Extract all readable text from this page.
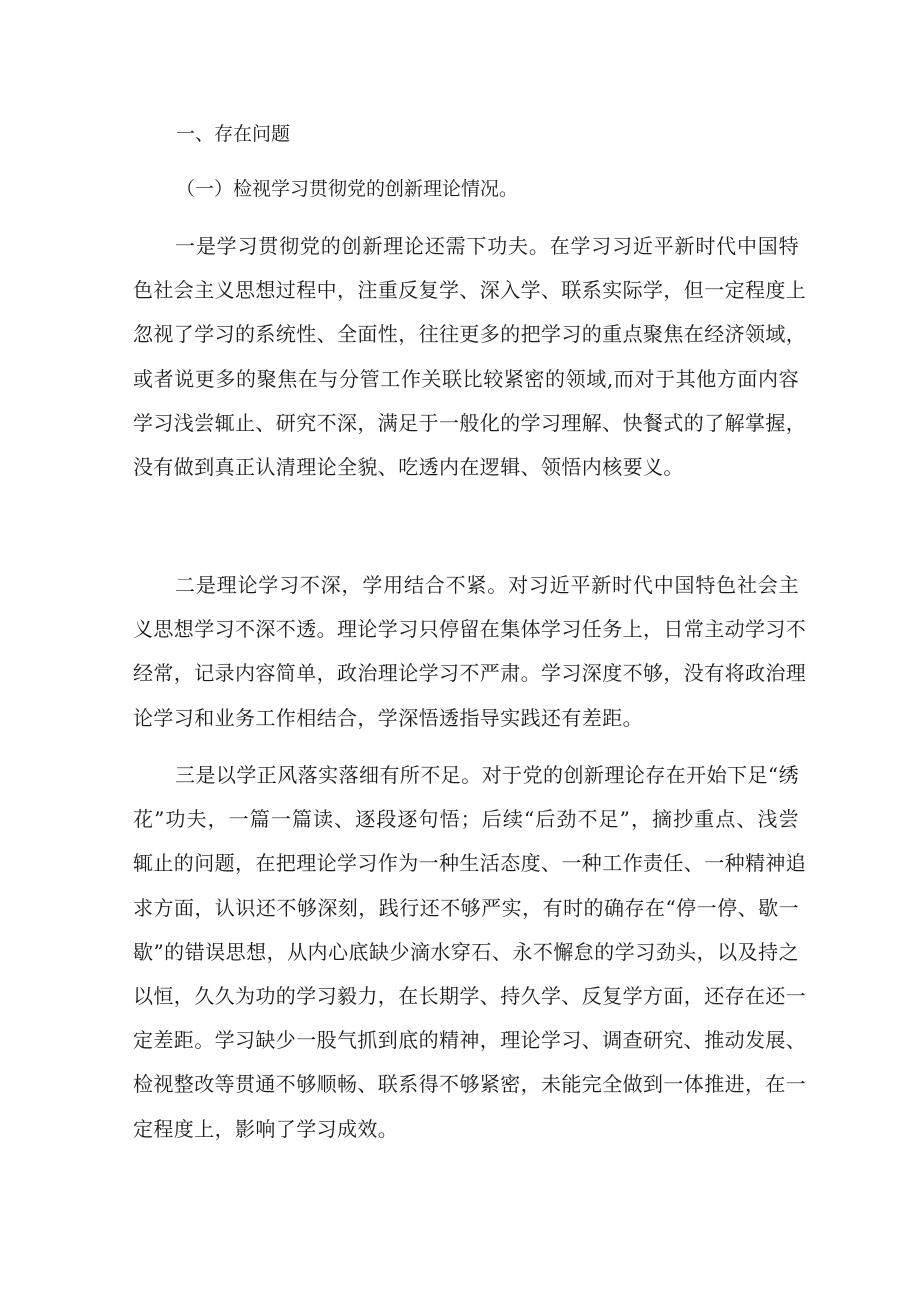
一、存在问题
（一）检视学习贯彻党的创新理论情况。
一是学习贯彻党的创新理论还需下功夫。在学习习近平新时代中国特
色社会主义思想过程中，注重反复学、深入学、联系实际学，但一定程度上
忽视了学习的系统性、全面性，往往更多的把学习的重点聚焦在经济领域，
或者说更多的聚焦在与分管工作关联比较紧密的领域,而对于其他方面内容
学习浅尝辄止、研究不深，满足于一般化的学习理解、快餐式的了解掌握，
没有做到真正认清理论全貌、吃透内在逻辑、领悟内核要义。
二是理论学习不深，学用结合不紧。对习近平新时代中国特色社会主
义思想学习不深不透。理论学习只停留在集体学习任务上，日常主动学习不
经常，记录内容简单，政治理论学习不严肃。学习深度不够，没有将政治理
论学习和业务工作相结合，学深悟透指导实践还有差距。
三是以学正风落实落细有所不足。对于党的创新理论存在开始下足“绣
花”功夫，一篇一篇读、逐段逐句悟；后续“后劲不足”，摘抄重点、浅尝
辄止的问题，在把理论学习作为一种生活态度、一种工作责任、一种精神追
求方面，认识还不够深刻，践行还不够严实，有时的确存在“停一停、歇一
歇”的错误思想，从内心底缺少滴水穿石、永不懈怠的学习劲头，以及持之
以恒，久久为功的学习毅力，在长期学、持久学、反复学方面，还存在还一
定差距。学习缺少一股气抓到底的精神，理论学习、调查研究、推动发展、
检视整改等贯通不够顺畅、联系得不够紧密，未能完全做到一体推进，在一
定程度上，影响了学习成效。
